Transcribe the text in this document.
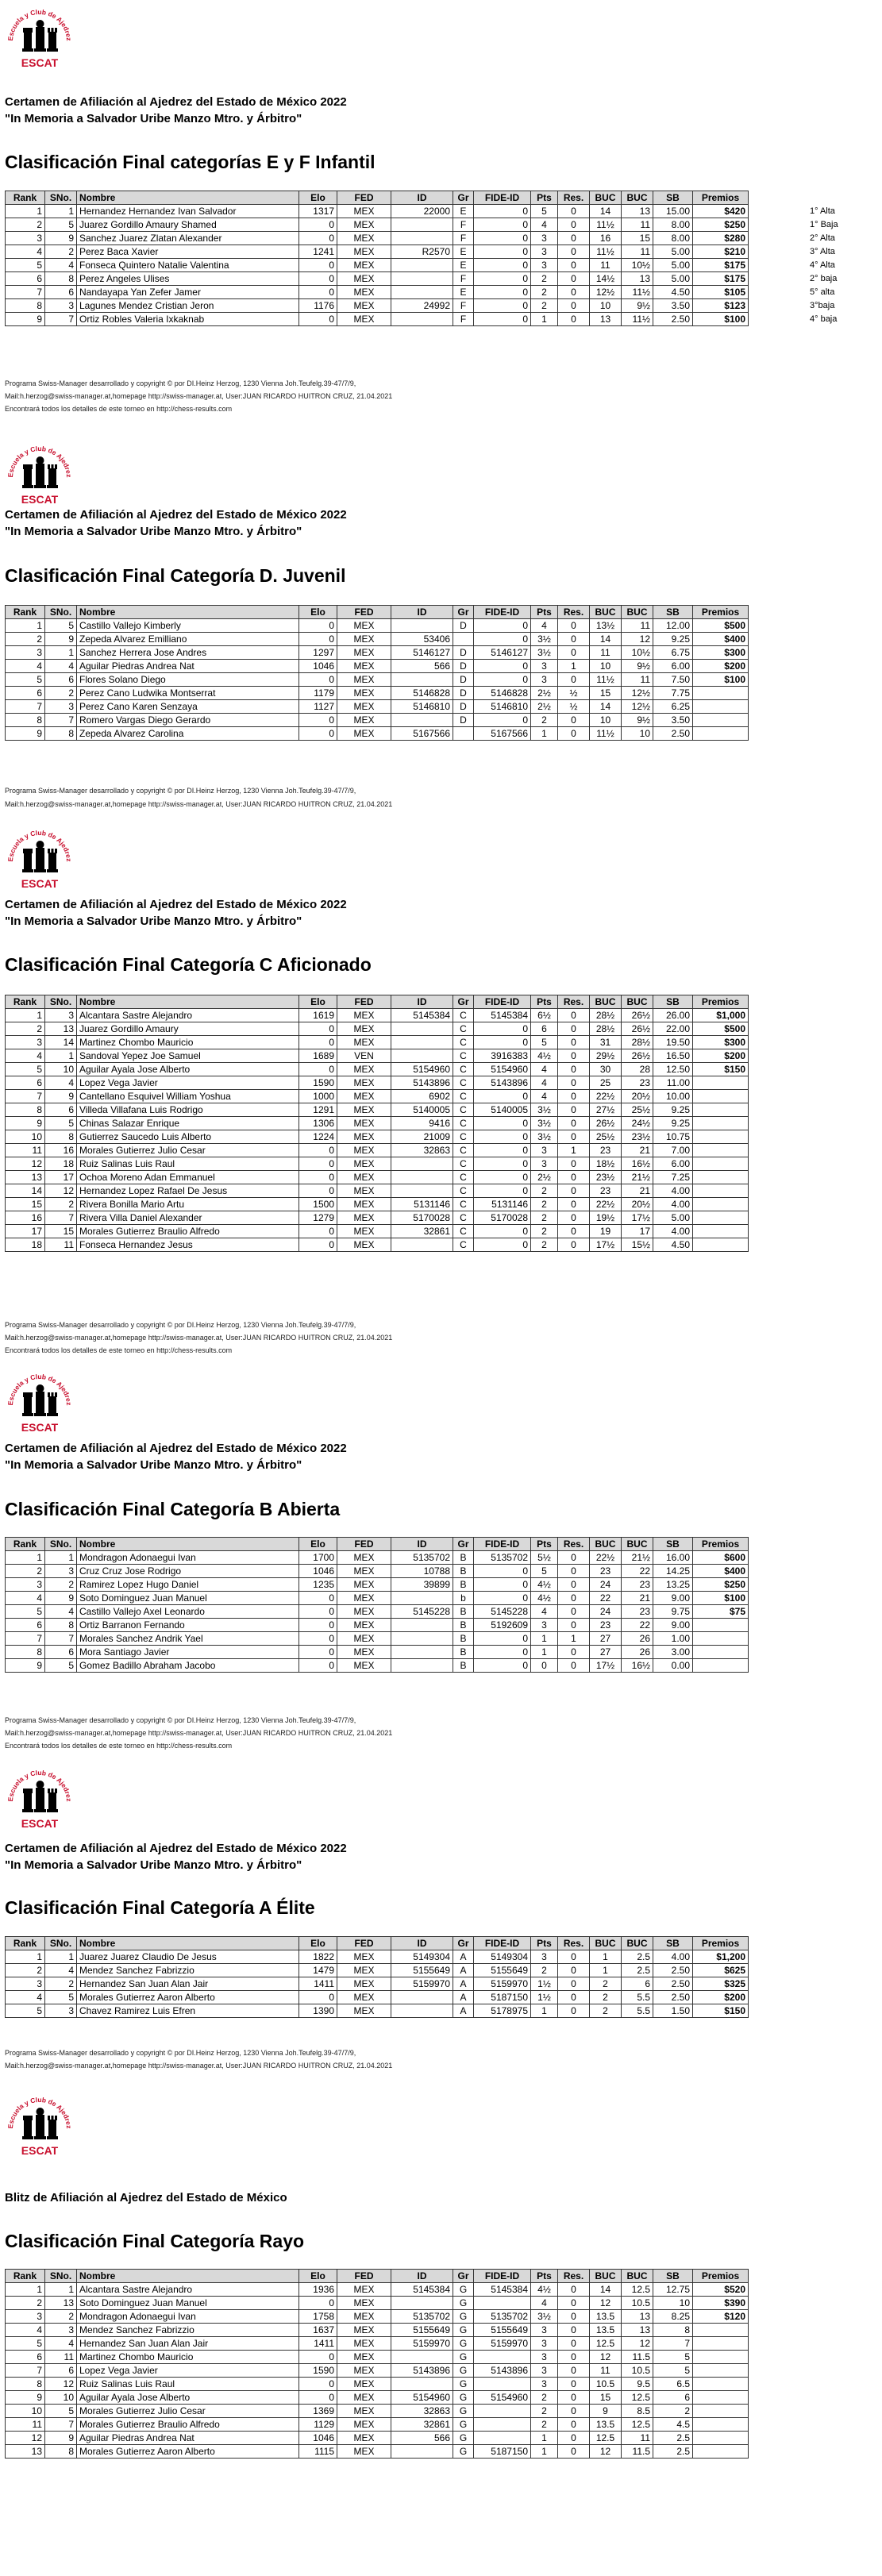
Escuela y Club de Ajedrez
ESCAT
Certamen de Afiliación al Ajedrez del Estado de México 2022
"In Memoria a Salvador Uribe Manzo Mtro. y Árbitro"
Clasificación Final categorías E y F Infantil
Rank	SNo.	Nombre	Elo	FED	ID	Gr	FIDE-ID	Pts	Res.	BUC	BUC	SB	Premios
1	1	Hernandez Hernandez Ivan Salvador	1317	MEX	22000	E	0	5	0	14	13	15.00	$420
2	5	Juarez Gordillo Amaury Shamed	0	MEX		F	0	4	0	11½	11	8.00	$250
3	9	Sanchez Juarez Zlatan Alexander	0	MEX		F	0	3	0	16	15	8.00	$280
4	2	Perez Baca Xavier	1241	MEX	R2570	E	0	3	0	11½	11	5.00	$210
5	4	Fonseca Quintero Natalie Valentina	0	MEX		E	0	3	0	11	10½	5.00	$175
6	8	Perez Angeles Ulises	0	MEX		F	0	2	0	14½	13	5.00	$175
7	6	Nandayapa Yan Zefer Jamer	0	MEX		E	0	2	0	12½	11½	4.50	$105
8	3	Lagunes Mendez Cristian Jeron	1176	MEX	24992	F	0	2	0	10	9½	3.50	$123
9	7	Ortiz Robles Valeria Ixkaknab	0	MEX		F	0	1	0	13	11½	2.50	$100
Programa Swiss-Manager desarrollado y copyright © por DI.Heinz Herzog, 1230 Vienna Joh.Teufelg.39-47/7/9,
Mail:h.herzog@swiss-manager.at,homepage http://swiss-manager.at, User:JUAN RICARDO HUITRON CRUZ, 21.04.2021
Encontrará todos los detalles de este torneo en http://chess-results.com
1° Alta
1° Baja
2° Alta
3° Alta
4° Alta
2° baja
5° alta
3°baja
4° baja
Escuela y Club de Ajedrez
ESCAT
Certamen de Afiliación al Ajedrez del Estado de México 2022
"In Memoria a Salvador Uribe Manzo Mtro. y Árbitro"
Clasificación Final Categoría D. Juvenil
Rank	SNo.	Nombre	Elo	FED	ID	Gr	FIDE-ID	Pts	Res.	BUC	BUC	SB	Premios
1	5	Castillo Vallejo Kimberly	0	MEX		D	0	4	0	13½	11	12.00	$500
2	9	Zepeda Alvarez Emilliano	0	MEX	53406		0	3½	0	14	12	9.25	$400
3	1	Sanchez Herrera Jose Andres	1297	MEX	5146127	D	5146127	3½	0	11	10½	6.75	$300
4	4	Aguilar Piedras Andrea Nat	1046	MEX	566	D	0	3	1	10	9½	6.00	$200
5	6	Flores Solano Diego	0	MEX		D	0	3	0	11½	11	7.50	$100
6	2	Perez Cano Ludwika Montserrat	1179	MEX	5146828	D	5146828	2½	½	15	12½	7.75	
7	3	Perez Cano Karen Senzaya	1127	MEX	5146810	D	5146810	2½	½	14	12½	6.25	
8	7	Romero Vargas Diego Gerardo	0	MEX		D	0	2	0	10	9½	3.50	
9	8	Zepeda Alvarez Carolina	0	MEX	5167566		5167566	1	0	11½	10	2.50	
Programa Swiss-Manager desarrollado y copyright © por DI.Heinz Herzog, 1230 Vienna Joh.Teufelg.39-47/7/9,
Mail:h.herzog@swiss-manager.at,homepage http://swiss-manager.at, User:JUAN RICARDO HUITRON CRUZ, 21.04.2021
Escuela y Club de Ajedrez
ESCAT
Certamen de Afiliación al Ajedrez del Estado de México 2022
"In Memoria a Salvador Uribe Manzo Mtro. y Árbitro"
Clasificación Final Categoría C Aficionado
Rank	SNo.	Nombre	Elo	FED	ID	Gr	FIDE-ID	Pts	Res.	BUC	BUC	SB	Premios
1	3	Alcantara Sastre Alejandro	1619	MEX	5145384	C	5145384	6½	0	28½	26½	26.00	$1,000
2	13	Juarez Gordillo Amaury	0	MEX		C	0	6	0	28½	26½	22.00	$500
3	14	Martinez Chombo Mauricio	0	MEX		C	0	5	0	31	28½	19.50	$300
4	1	Sandoval Yepez Joe Samuel	1689	VEN		C	3916383	4½	0	29½	26½	16.50	$200
5	10	Aguilar Ayala Jose Alberto	0	MEX	5154960	C	5154960	4	0	30	28	12.50	$150
6	4	Lopez Vega Javier	1590	MEX	5143896	C	5143896	4	0	25	23	11.00	
7	9	Cantellano Esquivel William Yoshua	1000	MEX	6902	C	0	4	0	22½	20½	10.00	
8	6	Villeda Villafana Luis Rodrigo	1291	MEX	5140005	C	5140005	3½	0	27½	25½	9.25	
9	5	Chinas Salazar Enrique	1306	MEX	9416	C	0	3½	0	26½	24½	9.25	
10	8	Gutierrez Saucedo Luis Alberto	1224	MEX	21009	C	0	3½	0	25½	23½	10.75	
11	16	Morales Gutierrez Julio Cesar	0	MEX	32863	C	0	3	1	23	21	7.00	
12	18	Ruiz Salinas Luis Raul	0	MEX		C	0	3	0	18½	16½	6.00	
13	17	Ochoa Moreno Adan Emmanuel	0	MEX		C	0	2½	0	23½	21½	7.25	
14	12	Hernandez Lopez Rafael De Jesus	0	MEX		C	0	2	0	23	21	4.00	
15	2	Rivera Bonilla Mario Artu	1500	MEX	5131146	C	5131146	2	0	22½	20½	4.00	
16	7	Rivera Villa Daniel Alexander	1279	MEX	5170028	C	5170028	2	0	19½	17½	5.00	
17	15	Morales Gutierrez Braulio Alfredo	0	MEX	32861	C	0	2	0	19	17	4.00	
18	11	Fonseca Hernandez Jesus	0	MEX		C	0	2	0	17½	15½	4.50	
Programa Swiss-Manager desarrollado y copyright © por DI.Heinz Herzog, 1230 Vienna Joh.Teufelg.39-47/7/9,
Mail:h.herzog@swiss-manager.at,homepage http://swiss-manager.at, User:JUAN RICARDO HUITRON CRUZ, 21.04.2021
Encontrará todos los detalles de este torneo en http://chess-results.com
Escuela y Club de Ajedrez
ESCAT
Certamen de Afiliación al Ajedrez del Estado de México 2022
"In Memoria a Salvador Uribe Manzo Mtro. y Árbitro"
Clasificación Final Categoría B Abierta
Rank	SNo.	Nombre	Elo	FED	ID	Gr	FIDE-ID	Pts	Res.	BUC	BUC	SB	Premios
1	1	Mondragon Adonaegui Ivan	1700	MEX	5135702	B	5135702	5½	0	22½	21½	16.00	$600
2	3	Cruz Cruz Jose Rodrigo	1046	MEX	10788	B	0	5	0	23	22	14.25	$400
3	2	Ramirez Lopez Hugo Daniel	1235	MEX	39899	B	0	4½	0	24	23	13.25	$250
4	9	Soto Dominguez Juan Manuel	0	MEX		b	0	4½	0	22	21	9.00	$100
5	4	Castillo Vallejo Axel Leonardo	0	MEX	5145228	B	5145228	4	0	24	23	9.75	$75
6	8	Ortiz Barranon Fernando	0	MEX		B	5192609	3	0	23	22	9.00	
7	7	Morales Sanchez Andrik Yael	0	MEX		B	0	1	1	27	26	1.00	
8	6	Mora Santiago Javier	0	MEX		B	0	1	0	27	26	3.00	
9	5	Gomez Badillo Abraham Jacobo	0	MEX		B	0	0	0	17½	16½	0.00	
Programa Swiss-Manager desarrollado y copyright © por DI.Heinz Herzog, 1230 Vienna Joh.Teufelg.39-47/7/9,
Mail:h.herzog@swiss-manager.at,homepage http://swiss-manager.at, User:JUAN RICARDO HUITRON CRUZ, 21.04.2021
Encontrará todos los detalles de este torneo en http://chess-results.com
Escuela y Club de Ajedrez
ESCAT
Certamen de Afiliación al Ajedrez del Estado de México 2022
"In Memoria a Salvador Uribe Manzo Mtro. y Árbitro"
Clasificación Final Categoría A Élite
Rank	SNo.	Nombre	Elo	FED	ID	Gr	FIDE-ID	Pts	Res.	BUC	BUC	SB	Premios
1	1	Juarez Juarez Claudio De Jesus	1822	MEX	5149304	A	5149304	3	0	1	2.5	4.00	$1,200
2	4	Mendez Sanchez Fabrizzio	1479	MEX	5155649	A	5155649	2	0	1	2.5	2.50	$625
3	2	Hernandez San Juan Alan Jair	1411	MEX	5159970	A	5159970	1½	0	2	6	2.50	$325
4	5	Morales Gutierrez Aaron Alberto	0	MEX		A	5187150	1½	0	2	5.5	2.50	$200
5	3	Chavez Ramirez Luis Efren	1390	MEX		A	5178975	1	0	2	5.5	1.50	$150
Programa Swiss-Manager desarrollado y copyright © por DI.Heinz Herzog, 1230 Vienna Joh.Teufelg.39-47/7/9,
Mail:h.herzog@swiss-manager.at,homepage http://swiss-manager.at, User:JUAN RICARDO HUITRON CRUZ, 21.04.2021
Escuela y Club de Ajedrez
ESCAT
Blitz de Afiliación al Ajedrez del Estado de México
Clasificación Final Categoría Rayo
Rank	SNo.	Nombre	Elo	FED	ID	Gr	FIDE-ID	Pts	Res.	BUC	BUC	SB	Premios
1	1	Alcantara Sastre Alejandro	1936	MEX	5145384	G	5145384	4½	0	14	12.5	12.75	$520
2	13	Soto Dominguez Juan Manuel	0	MEX		G		4	0	12	10.5	10	$390
3	2	Mondragon Adonaegui Ivan	1758	MEX	5135702	G	5135702	3½	0	13.5	13	8.25	$120
4	3	Mendez Sanchez Fabrizzio	1637	MEX	5155649	G	5155649	3	0	13.5	13	8	
5	4	Hernandez San Juan Alan Jair	1411	MEX	5159970	G	5159970	3	0	12.5	12	7	
6	11	Martinez Chombo Mauricio	0	MEX		G		3	0	12	11.5	5	
7	6	Lopez Vega Javier	1590	MEX	5143896	G	5143896	3	0	11	10.5	5	
8	12	Ruiz Salinas Luis Raul	0	MEX		G		3	0	10.5	9.5	6.5	
9	10	Aguilar Ayala Jose Alberto	0	MEX	5154960	G	5154960	2	0	15	12.5	6	
10	5	Morales Gutierrez Julio Cesar	1369	MEX	32863	G		2	0	9	8.5	2	
11	7	Morales Gutierrez Braulio Alfredo	1129	MEX	32861	G		2	0	13.5	12.5	4.5	
12	9	Aguilar Piedras Andrea Nat	1046	MEX	566	G		1	0	12.5	11	2.5	
13	8	Morales Gutierrez Aaron Alberto	1115	MEX		G	5187150	1	0	12	11.5	2.5	
